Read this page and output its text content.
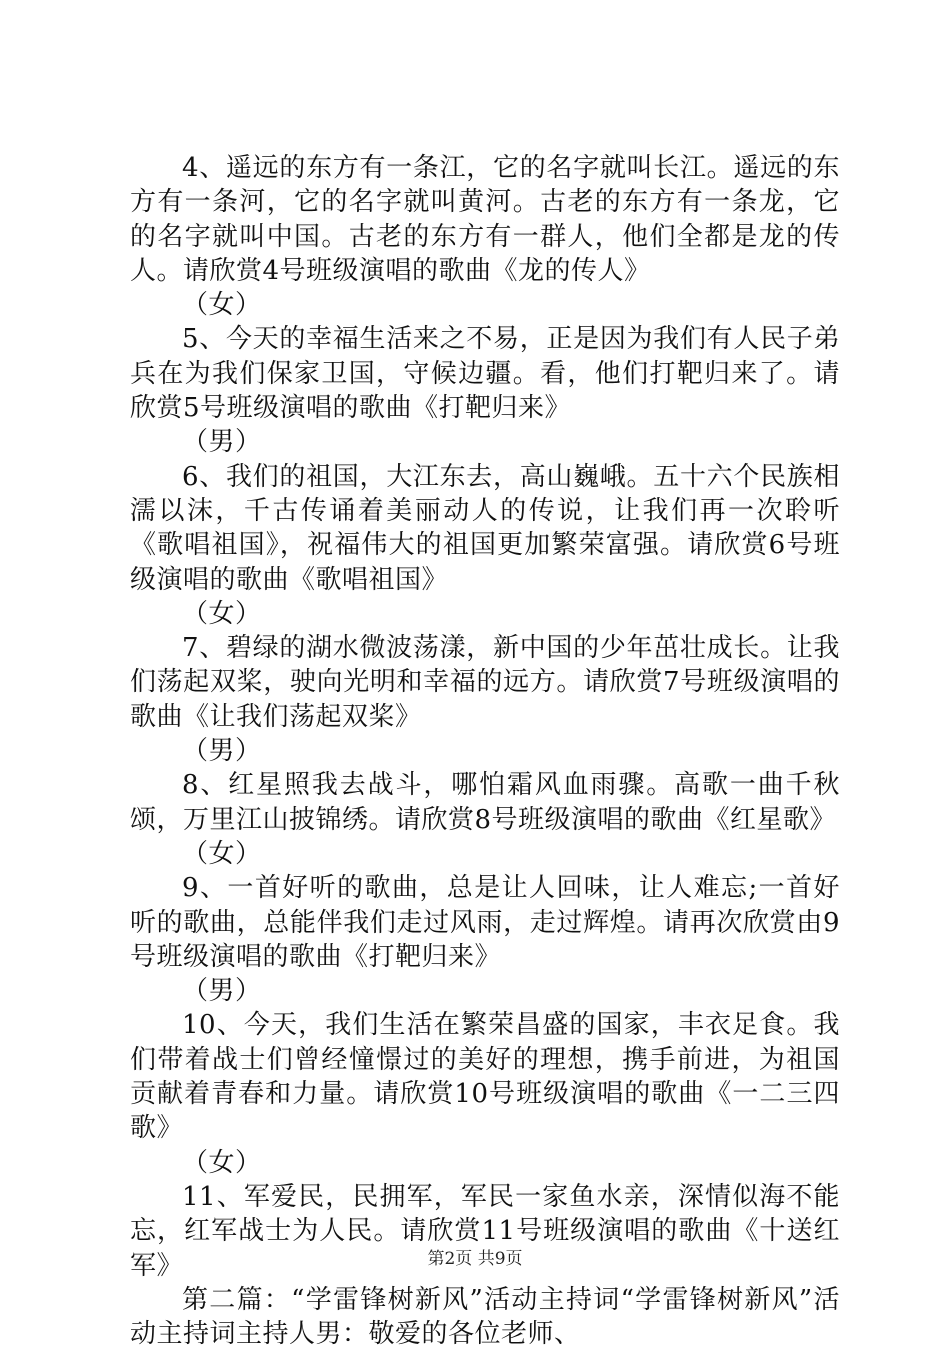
4、遥远的东方有一条江，它的名字就叫长江。遥远的东方有一条河，它的名字就叫黄河。古老的东方有一条龙，它的名字就叫中国。古老的东方有一群人，他们全都是龙的传人。请欣赏4号班级演唱的歌曲《龙的传人》

（女）

5、今天的幸福生活来之不易，正是因为我们有人民子弟兵在为我们保家卫国，守候边疆。看，他们打靶归来了。请欣赏5号班级演唱的歌曲《打靶归来》

（男）

6、我们的祖国，大江东去，高山巍峨。五十六个民族相濡以沫，千古传诵着美丽动人的传说，让我们再一次聆听《歌唱祖国》，祝福伟大的祖国更加繁荣富强。请欣赏6号班级演唱的歌曲《歌唱祖国》

（女）

7、碧绿的湖水微波荡漾，新中国的少年茁壮成长。让我们荡起双桨，驶向光明和幸福的远方。请欣赏7号班级演唱的歌曲《让我们荡起双桨》

（男）

8、红星照我去战斗，哪怕霜风血雨骤。高歌一曲千秋颂，万里江山披锦绣。请欣赏8号班级演唱的歌曲《红星歌》

（女）

9、一首好听的歌曲，总是让人回味，让人难忘;一首好听的歌曲，总能伴我们走过风雨，走过辉煌。请再次欣赏由9号班级演唱的歌曲《打靶归来》

（男）

10、今天，我们生活在繁荣昌盛的国家，丰衣足食。我们带着战士们曾经憧憬过的美好的理想，携手前进，为祖国贡献着青春和力量。请欣赏10号班级演唱的歌曲《一二三四歌》

（女）

11、军爱民，民拥军，军民一家鱼水亲，深情似海不能忘，红军战士为人民。请欣赏11号班级演唱的歌曲《十送红军》

第二篇：“学雷锋树新风”活动主持词“学雷锋树新风”活动主持词主持人男：敬爱的各位老师、

第2页 共9页
